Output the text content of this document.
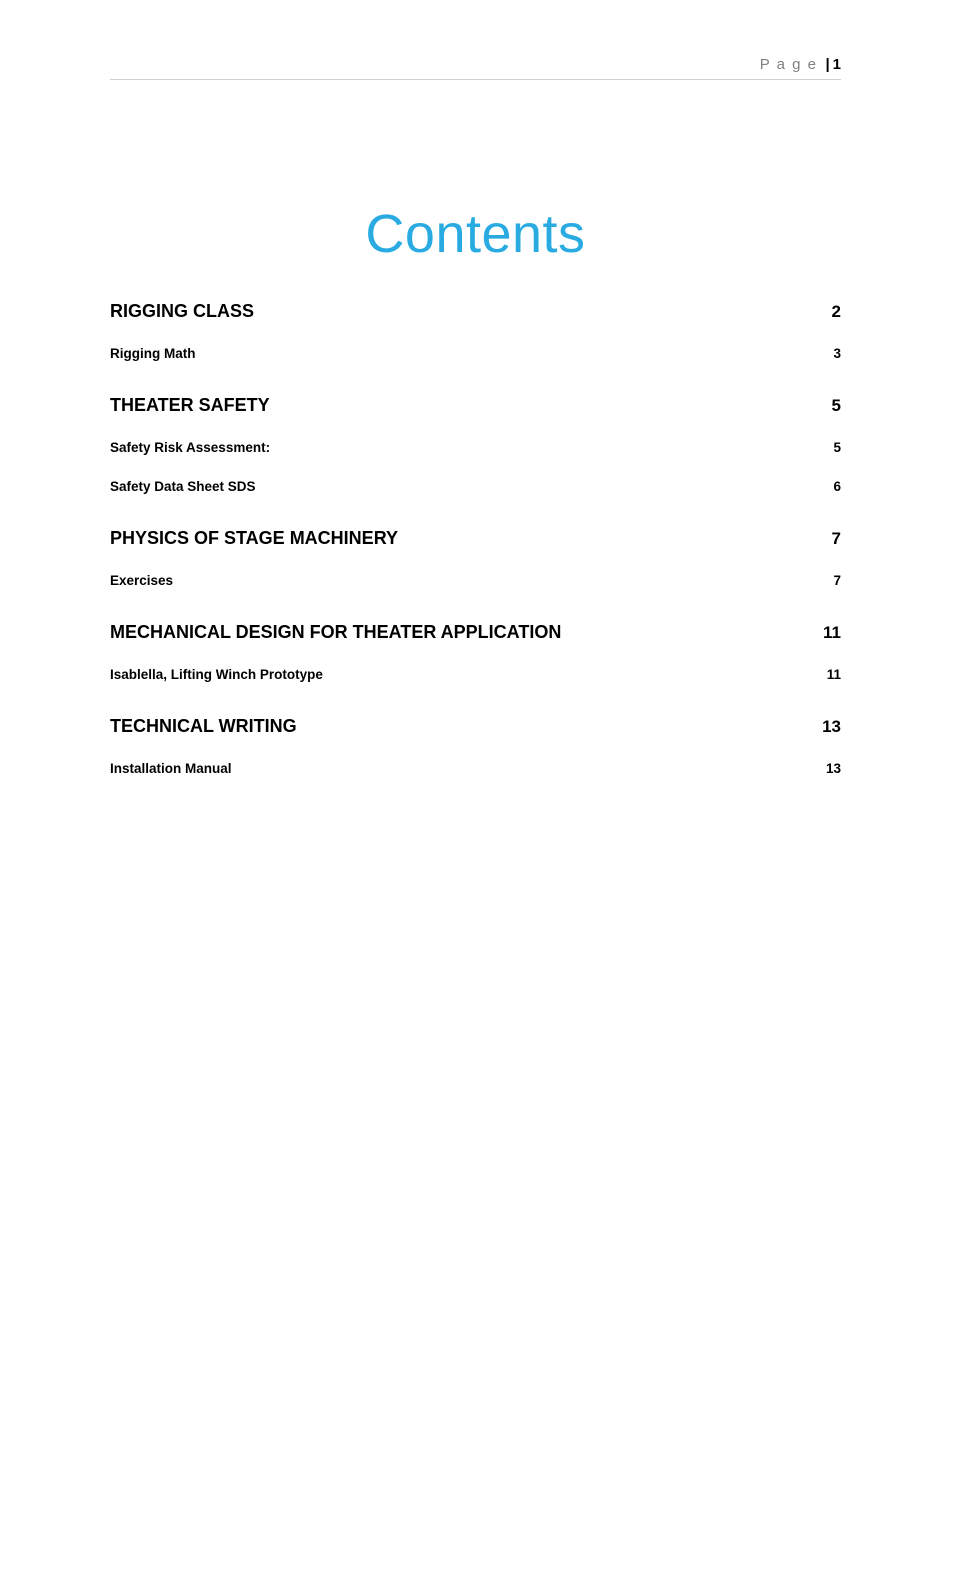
P a g e | 1
Contents
RIGGING CLASS	2
Rigging Math	3
THEATER SAFETY	5
Safety Risk Assessment:	5
Safety Data Sheet SDS	6
PHYSICS OF STAGE MACHINERY	7
Exercises	7
MECHANICAL DESIGN FOR THEATER APPLICATION	11
Isablella, Lifting Winch Prototype	11
TECHNICAL WRITING	13
Installation Manual	13
